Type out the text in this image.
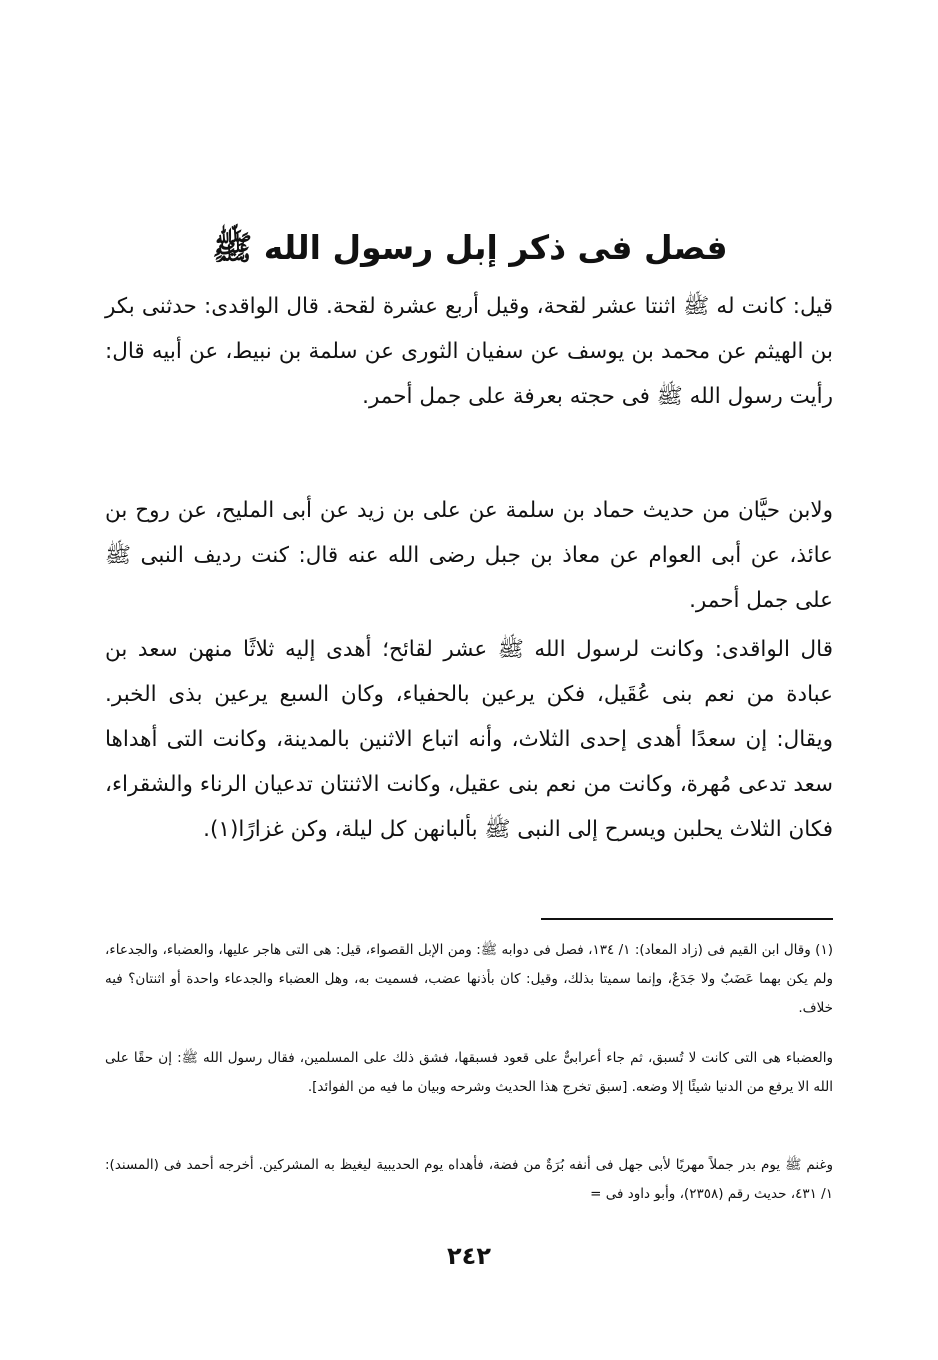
فصل فى ذكر إبل رسول الله ﷺ

قيل: كانت له ﷺ اثنتا عشر لقحة، وقيل أربع عشرة لقحة. قال الواقدى: حدثنى بكر بن الهيثم عن محمد بن يوسف عن سفيان الثورى عن سلمة بن نبيط، عن أبيه قال: رأيت رسول الله ﷺ فى حجته بعرفة على جمل أحمر.

ولابن حيَّان من حديث حماد بن سلمة عن على بن زيد عن أبى المليح، عن روح بن عائذ، عن أبى العوام عن معاذ بن جبل رضى الله عنه قال: كنت رديف النبى ﷺ على جمل أحمر.

قال الواقدى: وكانت لرسول الله ﷺ عشر لقائح؛ أهدى إليه ثلاثًا منهن سعد بن عبادة من نعم بنى عُقَيل، فكن يرعين بالحفياء، وكان السبع يرعين بذى الخبر. ويقال: إن سعدًا أهدى إحدى الثلاث، وأنه اتباع الاثنين بالمدينة، وكانت التى أهداها سعد تدعى مُهرة، وكانت من نعم بنى عقيل، وكانت الاثنتان تدعيان الرناء والشقراء، فكان الثلاث يحلبن ويسرح إلى النبى ﷺ بألبانهن كل ليلة، وكن غزارًا(١).

(١) وقال ابن القيم فى (زاد المعاد): ١/ ١٣٤، فصل فى دوابه ﷺ: ومن الإبل القصواء، قيل: هى التى هاجر عليها، والعضباء، والجدعاء، ولم يكن بهما عَضَبٌ ولا جَدَعٌ، وإنما سميتا بذلك، وقيل: كان بأذنها عضب، فسميت به، وهل العضباء والجدعاء واحدة أو اثنتان؟ فيه خلاف.

والعضباء هى التى كانت لا تُسبق، ثم جاء أعرابىٌّ على قعود فسبقها، فشق ذلك على المسلمين، فقال رسول الله ﷺ: إن حقًا على الله الا يرفع من الدنيا شيئًا إلا وضعه. [سبق تخرج هذا الحديث وشرحه وبيان ما فيه من الفوائد].

وغنم ﷺ يوم بدر جملاً مهريًا لأبى جهل فى أنفه بُرَةٌ من فضة، فأهداه يوم الحديبية ليغيظ به المشركين. أخرجه أحمد فى (المسند): ١/ ٤٣١، حديث رقم (٢٣٥٨)، وأبو داود فى =

٢٤٢
